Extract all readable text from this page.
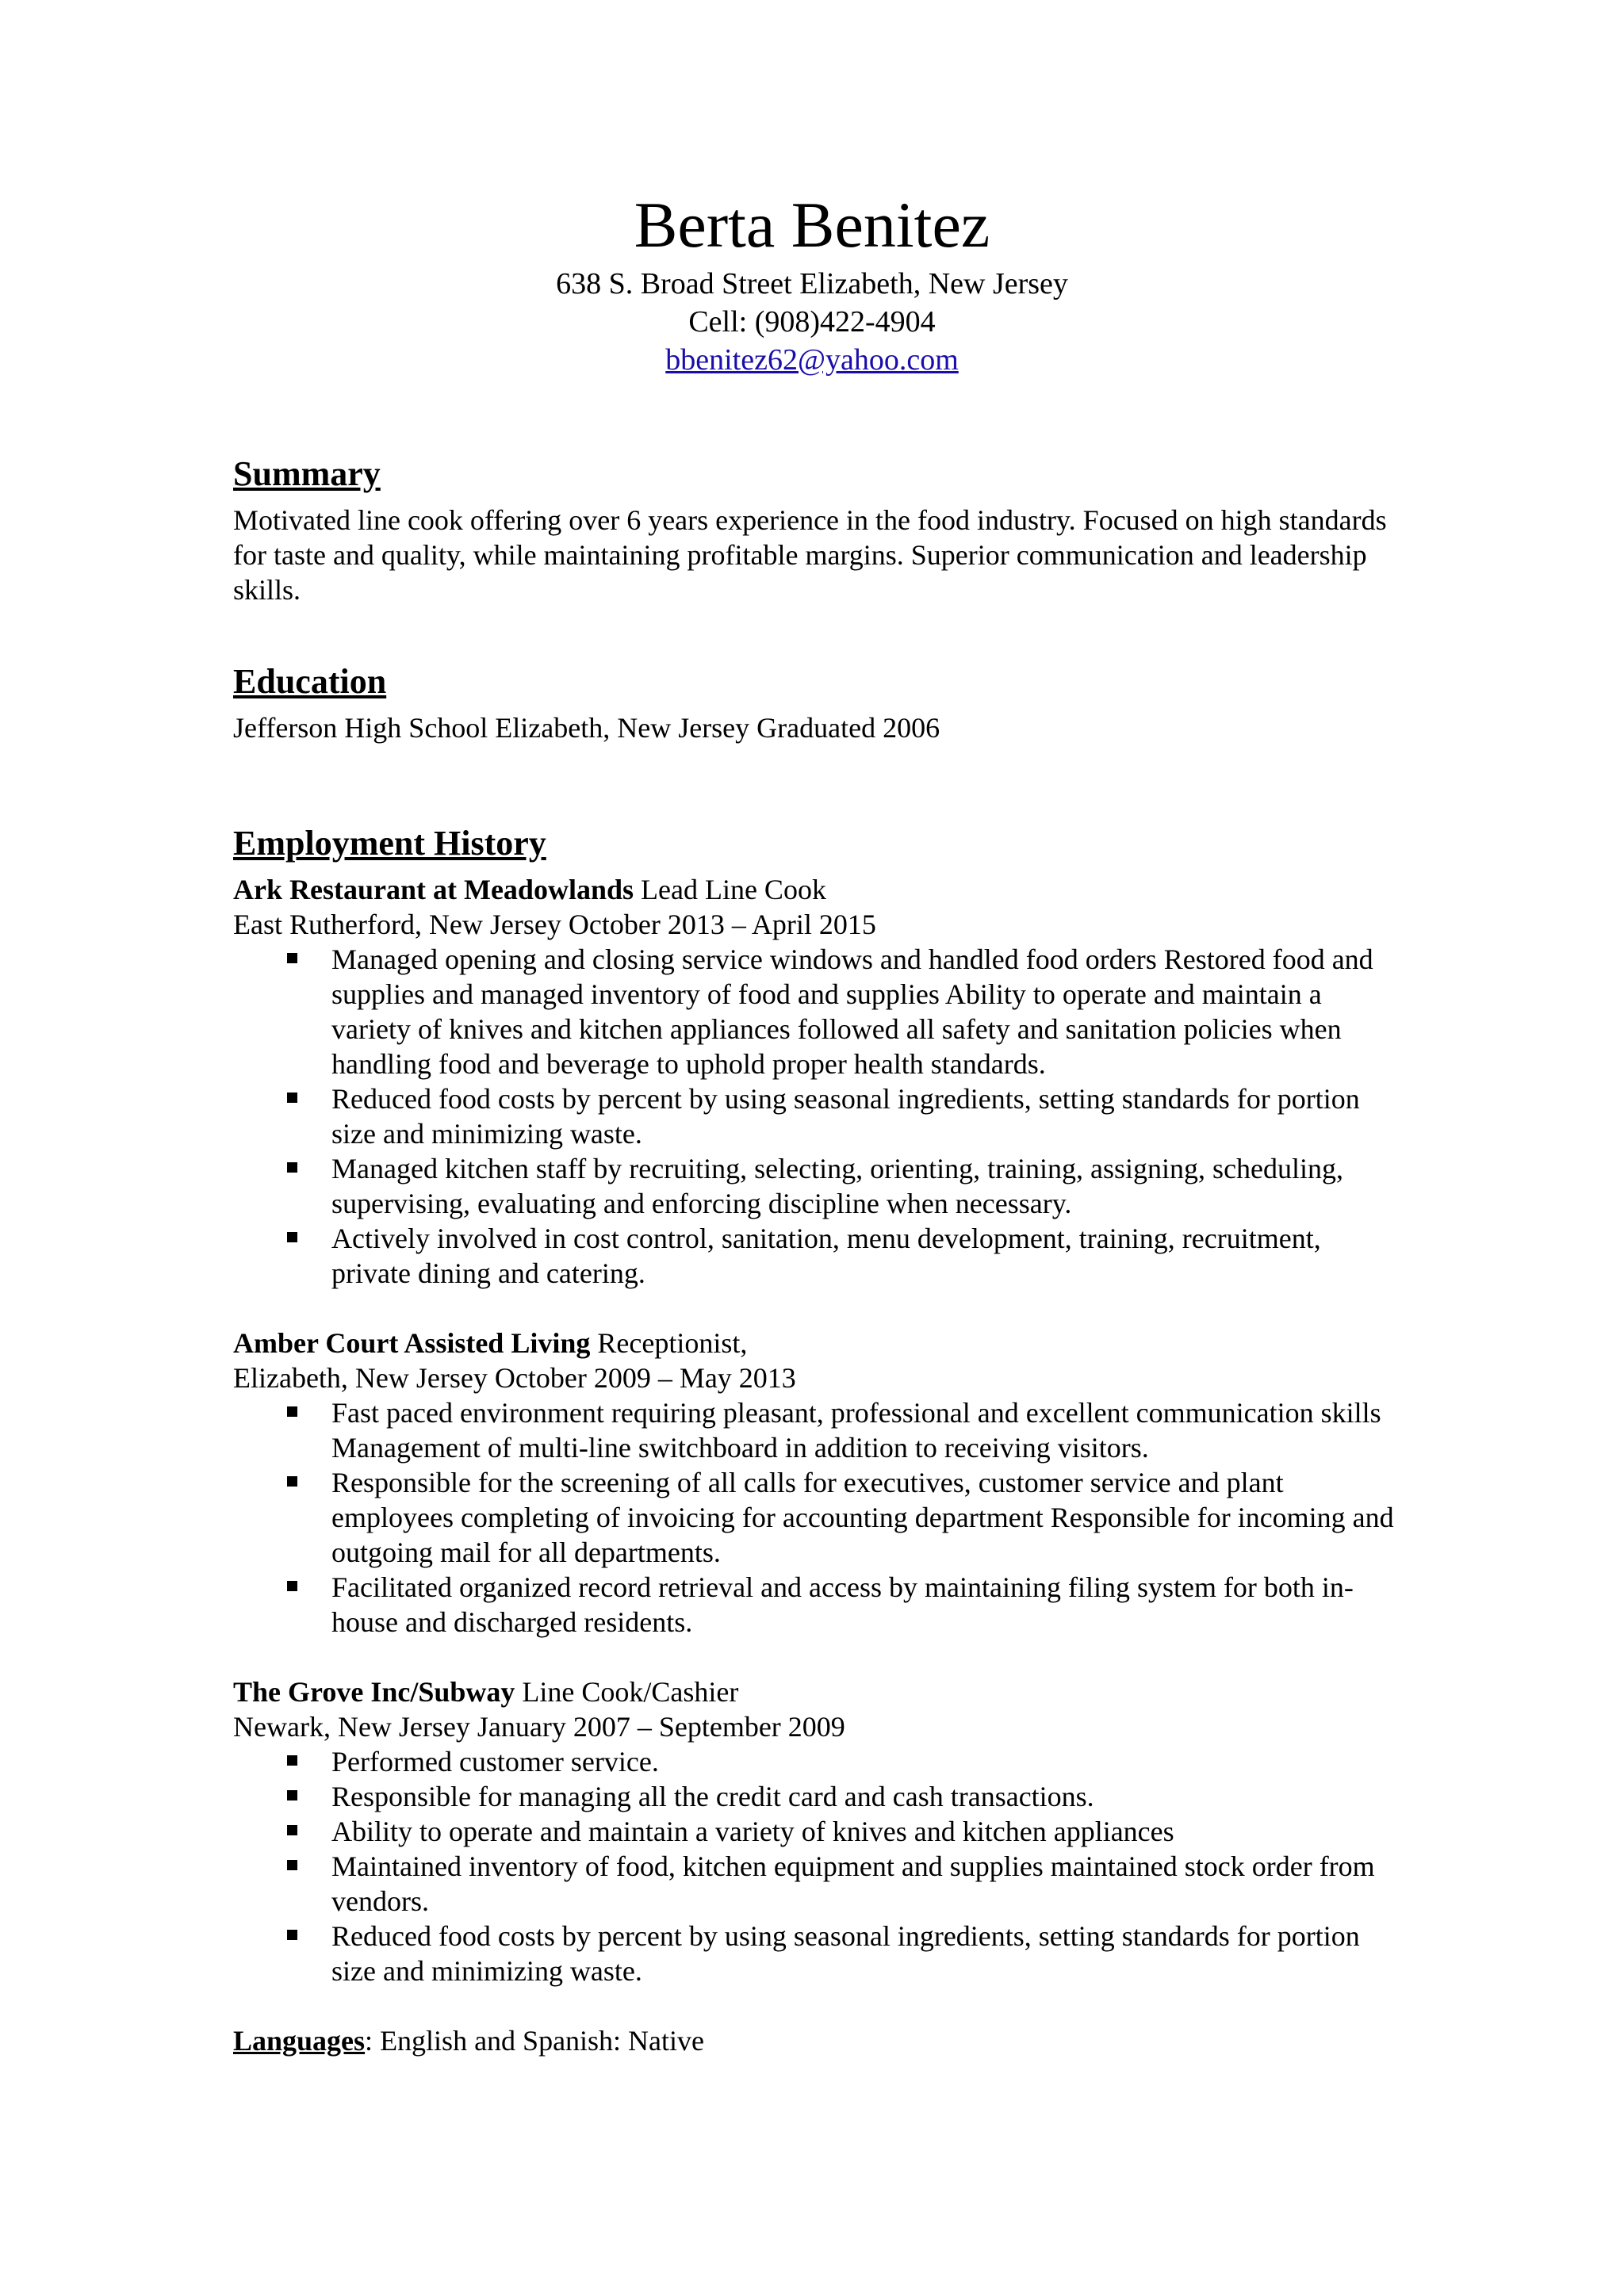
Berta Benitez

638 S. Broad Street Elizabeth, New Jersey

Cell: (908)422-4904

bbenitez62@yahoo.com

Summary

Motivated line cook offering over 6 years experience in the food industry. Focused on high standards for taste and quality, while maintaining profitable margins. Superior communication and leadership skills.

Education

Jefferson High School Elizabeth, New Jersey Graduated 2006

Employment History

Ark Restaurant at Meadowlands Lead Line Cook

East Rutherford, New Jersey October 2013 – April 2015

Managed opening and closing service windows and handled food orders Restored food and supplies and managed inventory of food and supplies Ability to operate and maintain a variety of knives and kitchen appliances followed all safety and sanitation policies when handling food and beverage to uphold proper health standards.
Reduced food costs by percent by using seasonal ingredients, setting standards for portion size and minimizing waste.
Managed kitchen staff by recruiting, selecting, orienting, training, assigning, scheduling, supervising, evaluating and enforcing discipline when necessary.
Actively involved in cost control, sanitation, menu development, training, recruitment, private dining and catering.

Amber Court Assisted Living Receptionist,

Elizabeth, New Jersey October 2009 – May 2013

Fast paced environment requiring pleasant, professional and excellent communication skills Management of multi-line switchboard in addition to receiving visitors.
Responsible for the screening of all calls for executives, customer service and plant employees completing of invoicing for accounting department Responsible for incoming and outgoing mail for all departments.
Facilitated organized record retrieval and access by maintaining filing system for both in-house and discharged residents.

The Grove Inc/Subway Line Cook/Cashier

Newark, New Jersey January 2007 – September 2009

Performed customer service.
Responsible for managing all the credit card and cash transactions.
Ability to operate and maintain a variety of knives and kitchen appliances
Maintained inventory of food, kitchen equipment and supplies maintained stock order from vendors.
Reduced food costs by percent by using seasonal ingredients, setting standards for portion size and minimizing waste.

Languages: English and Spanish: Native
